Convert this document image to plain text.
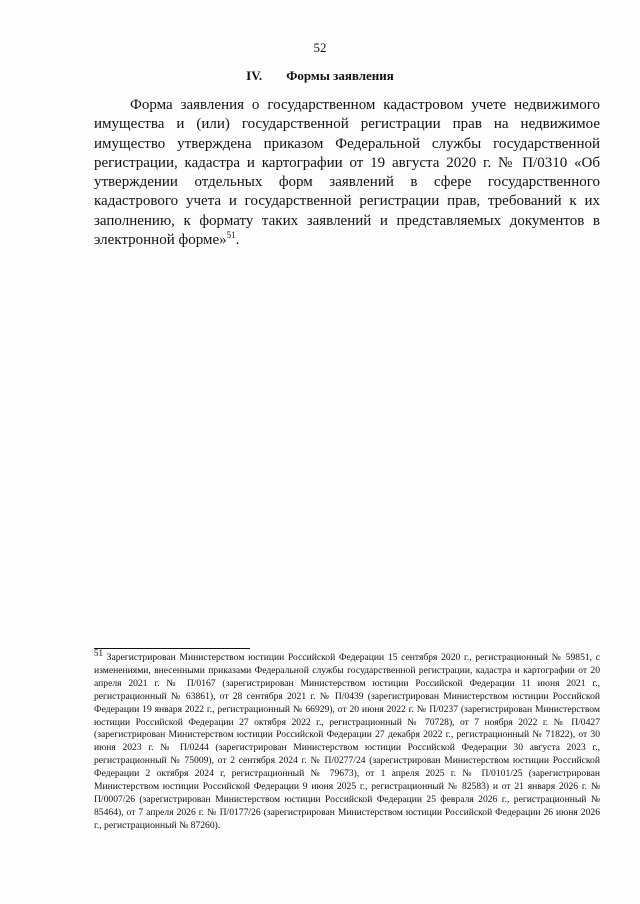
52
IV. Формы заявления

Форма заявления о государственном кадастровом учете недвижимого имущества и (или) государственной регистрации прав на недвижимое имущество утверждена приказом Федеральной службы государственной регистрации, кадастра и картографии от 19 августа 2020 г. № П/0310 «Об утверждении отдельных форм заявлений в сфере государственного кадастрового учета и государственной регистрации прав, требований к их заполнению, к формату таких заявлений и представляемых документов в электронной форме»$^{51}$.

$^{51}$ Зарегистрирован Министерством юстиции Российской Федерации 15 сентября 2020 г., регистрационный № 59851, с изменениями, внесенными приказами Федеральной службы государственной регистрации, кадастра и картографии от 20 апреля 2021 г. № П/0167 (зарегистрирован Министерством юстиции Российской Федерации 11 июня 2021 г., регистрационный № 63861), от 28 сентября 2021 г. № П/0439 (зарегистрирован Министерством юстиции Российской Федерации 19 января 2022 г., регистрационный № 66929), от 20 июня 2022 г. № П/0237 (зарегистрирован Министерством юстиции Российской Федерации 27 октября 2022 г., регистрационный № 70728), от 7 ноября 2022 г. № П/0427 (зарегистрирован Министерством юстиции Российской Федерации 27 декабря 2022 г., регистрационный № 71822), от 30 июня 2023 г. № П/0244 (зарегистрирован Министерством юстиции Российской Федерации 30 августа 2023 г., регистрационный № 75009), от 2 сентября 2024 г. № П/0277/24 (зарегистрирован Министерством юстиции Российской Федерации 2 октября 2024 г, регистрационный № 79673), от 1 апреля 2025 г. № П/0101/25 (зарегистрирован Министерством юстиции Российской Федерации 9 июня 2025 г., регистрационный № 82583) и от 21 января 2026 г. № П/0007/26 (зарегистрирован Министерством юстиции Российской Федерации 25 февраля 2026 г., регистрационный № 85464), от 7 апреля 2026 г. № П/0177/26 (зарегистрирован Министерством юстиции Российской Федерации 26 июня 2026 г., регистрационный № 87260).
